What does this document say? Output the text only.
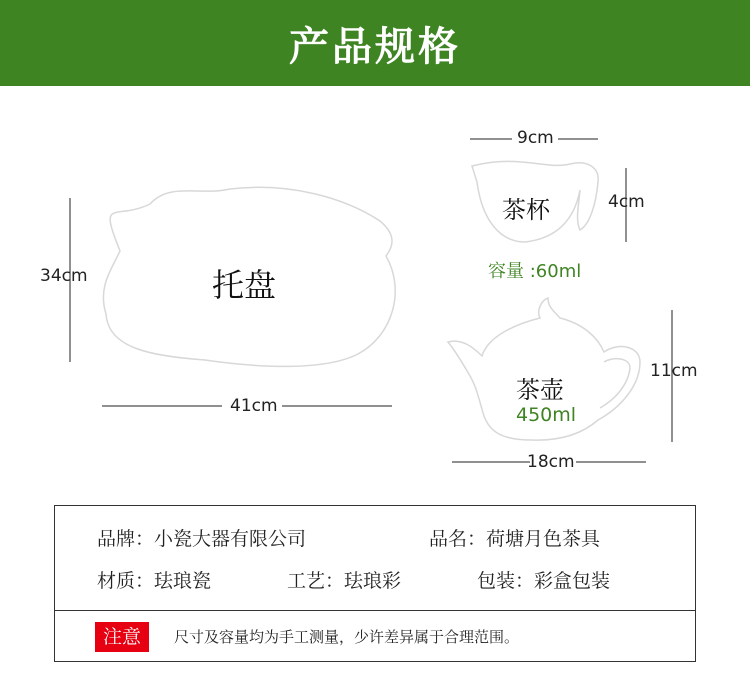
产品规格
34cm	托盘
41cm
9cm
茶杯	4cm
容量 :60ml
茶壶
450ml
11cm
18cm
品牌：小瓷大器有限公司	品名：荷塘月色茶具
材质：珐琅瓷	工艺：珐琅彩	包装：彩盒包装
注意	尺寸及容量均为手工测量，少许差异属于合理范围。
